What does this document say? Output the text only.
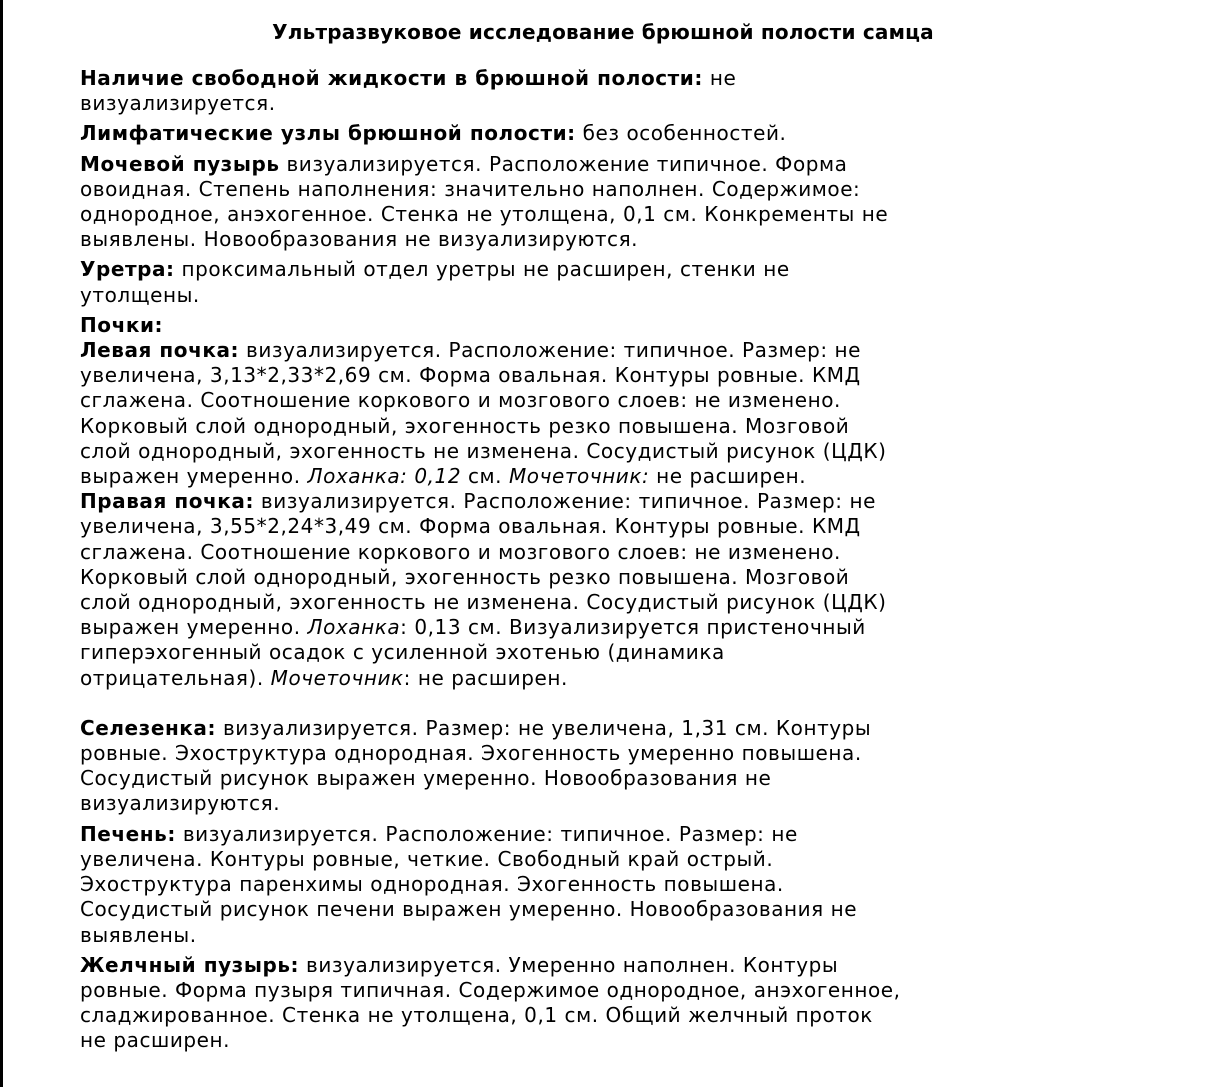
Ультразвуковое исследование брюшной полости самца
Наличие свободной жидкости в брюшной полости: не
визуализируется.
Лимфатические узлы брюшной полости: без особенностей.
Мочевой пузырь визуализируется. Расположение типичное. Форма
овоидная. Степень наполнения: значительно наполнен. Содержимое:
однородное, анэхогенное. Стенка не утолщена, 0,1 см. Конкременты не
выявлены. Новообразования не визуализируются.
Уретра: проксимальный отдел уретры не расширен, стенки не
утолщены.
Почки:
Левая почка: визуализируется. Расположение: типичное. Размер: не
увеличена, 3,13*2,33*2,69 см. Форма овальная. Контуры ровные. КМД
сглажена. Соотношение коркового и мозгового слоев: не изменено.
Корковый слой однородный, эхогенность резко повышена. Мозговой
слой однородный, эхогенность не изменена. Сосудистый рисунок (ЦДК)
выражен умеренно. Лоханка: 0,12 см. Мочеточник: не расширен.
Правая почка: визуализируется. Расположение: типичное. Размер: не
увеличена, 3,55*2,24*3,49 см. Форма овальная. Контуры ровные. КМД
сглажена. Соотношение коркового и мозгового слоев: не изменено.
Корковый слой однородный, эхогенность резко повышена. Мозговой
слой однородный, эхогенность не изменена. Сосудистый рисунок (ЦДК)
выражен умеренно. Лоханка: 0,13 см. Визуализируется пристеночный
гиперэхогенный осадок с усиленной эхотенью (динамика
отрицательная). Мочеточник: не расширен.
Селезенка: визуализируется. Размер: не увеличена, 1,31 см. Контуры
ровные. Эхоструктура однородная. Эхогенность умеренно повышена.
Сосудистый рисунок выражен умеренно. Новообразования не
визуализируются.
Печень: визуализируется. Расположение: типичное. Размер: не
увеличена. Контуры ровные, четкие. Свободный край острый.
Эхоструктура паренхимы однородная. Эхогенность повышена.
Сосудистый рисунок печени выражен умеренно. Новообразования не
выявлены.
Желчный пузырь: визуализируется. Умеренно наполнен. Контуры
ровные. Форма пузыря типичная. Содержимое однородное, анэхогенное,
сладжированное. Стенка не утолщена, 0,1 см. Общий желчный проток
не расширен.
